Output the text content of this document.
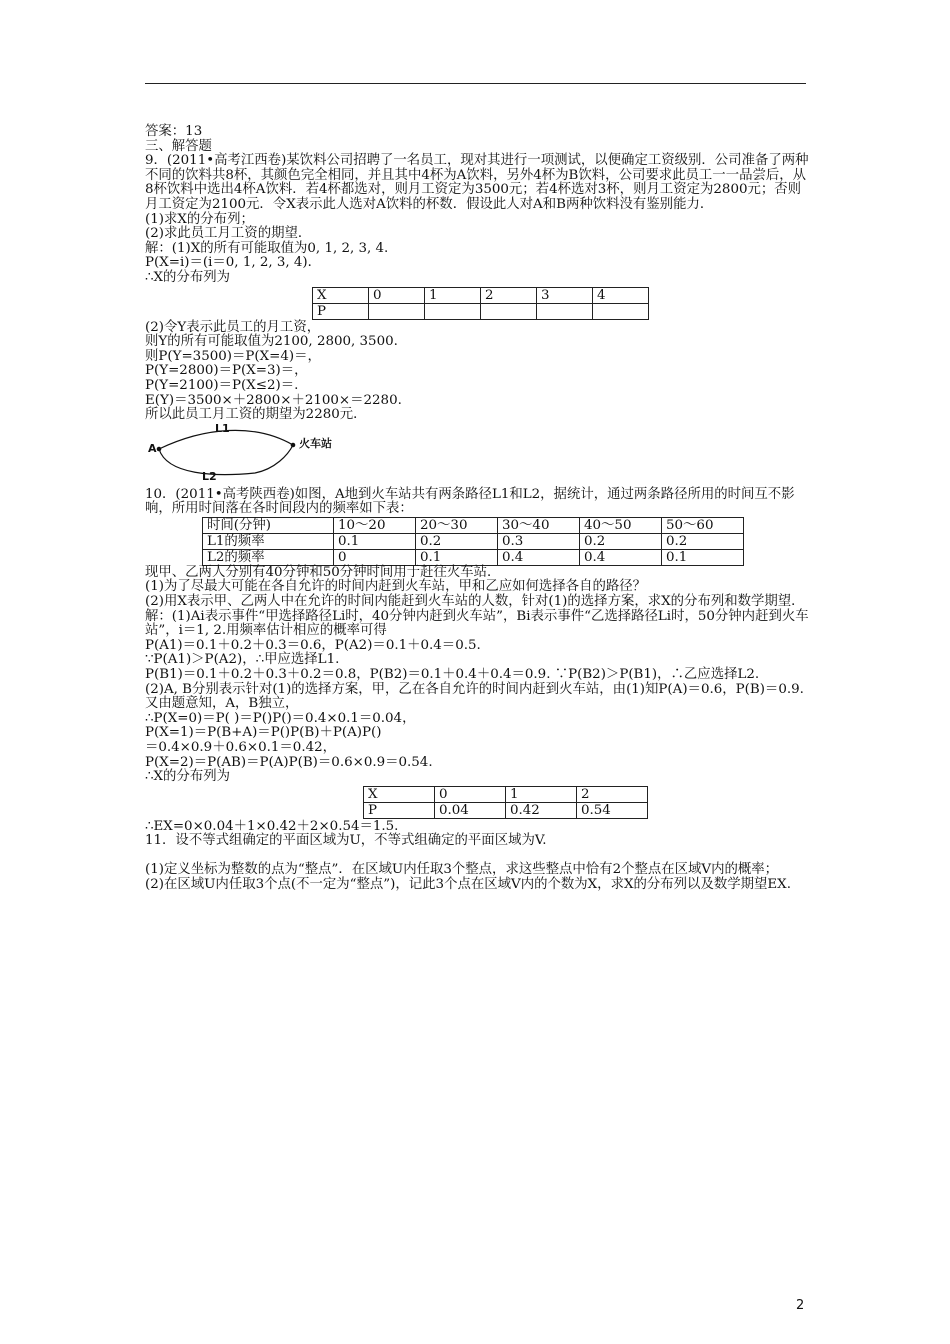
答案：13
三、解答题
9．(2011•高考江西卷)某饮料公司招聘了一名员工，现对其进行一项测试，以便确定工资级别．公司准备了两种不同的饮料共8杯，其颜色完全相同，并且其中4杯为A饮料，另外4杯为B饮料，公司要求此员工一一品尝后，从8杯饮料中选出4杯A饮料．若4杯都选对，则月工资定为3500元；若4杯选对3杯，则月工资定为2800元；否则月工资定为2100元．令X表示此人选对A饮料的杯数．假设此人对A和B两种饮料没有鉴别能力．
(1)求X的分布列；
(2)求此员工月工资的期望．
解：(1)X的所有可能取值为0, 1, 2, 3, 4.
P(X=i)＝(i＝0, 1, 2, 3, 4)．
∴X的分布列为
X	0	1	2	3	4
P					
(2)令Y表示此员工的月工资，
则Y的所有可能取值为2100, 2800, 3500.
则P(Y=3500)＝P(X=4)＝，
P(Y=2800)＝P(X=3)＝，
P(Y=2100)＝P(X≤2)＝.
E(Y)＝3500×＋2800×＋2100×＝2280.
所以此员工月工资的期望为2280元．
A
L1
L2
火车站
10．(2011•高考陕西卷)如图，A地到火车站共有两条路径L1和L2，据统计，通过两条路径所用的时间互不影响，所用时间落在各时间段内的频率如下表：
时间(分钟)	10～20	20～30	30～40	40～50	50～60
L1的频率	0.1	0.2	0.3	0.2	0.2
L2的频率	0	0.1	0.4	0.4	0.1
现甲、乙两人分别有40分钟和50分钟时间用于赶往火车站．
(1)为了尽最大可能在各自允许的时间内赶到火车站，甲和乙应如何选择各自的路径？
(2)用X表示甲、乙两人中在允许的时间内能赶到火车站的人数，针对(1)的选择方案，求X的分布列和数学期望．
解：(1)Ai表示事件“甲选择路径Li时，40分钟内赶到火车站”，Bi表示事件“乙选择路径Li时，50分钟内赶到火车站”，i＝1, 2.用频率估计相应的概率可得
P(A1)＝0.1＋0.2＋0.3＝0.6，P(A2)＝0.1＋0.4＝0.5.
∵P(A1)＞P(A2)，∴甲应选择L1.
P(B1)＝0.1＋0.2＋0.3＋0.2＝0.8，P(B2)＝0.1＋0.4＋0.4＝0.9. ∵P(B2)＞P(B1)，∴乙应选择L2.
(2)A, B分别表示针对(1)的选择方案，甲，乙在各自允许的时间内赶到火车站，由(1)知P(A)＝0.6，P(B)＝0.9.
又由题意知，A，B独立，
∴P(X=0)＝P( )＝P()P()＝0.4×0.1＝0.04，
P(X=1)＝P(B+A)＝P()P(B)＋P(A)P()
＝0.4×0.9＋0.6×0.1＝0.42，
P(X=2)＝P(AB)＝P(A)P(B)＝0.6×0.9＝0.54.
∴X的分布列为
X	0	1	2
P	0.04	0.42	0.54
∴EX=0×0.04＋1×0.42＋2×0.54＝1.5.
11．设不等式组确定的平面区域为U，不等式组确定的平面区域为V.
(1)定义坐标为整数的点为“整点”．在区域U内任取3个整点，求这些整点中恰有2个整点在区域V内的概率；
(2)在区域U内任取3个点(不一定为“整点”)，记此3个点在区域V内的个数为X，求X的分布列以及数学期望EX.
2
